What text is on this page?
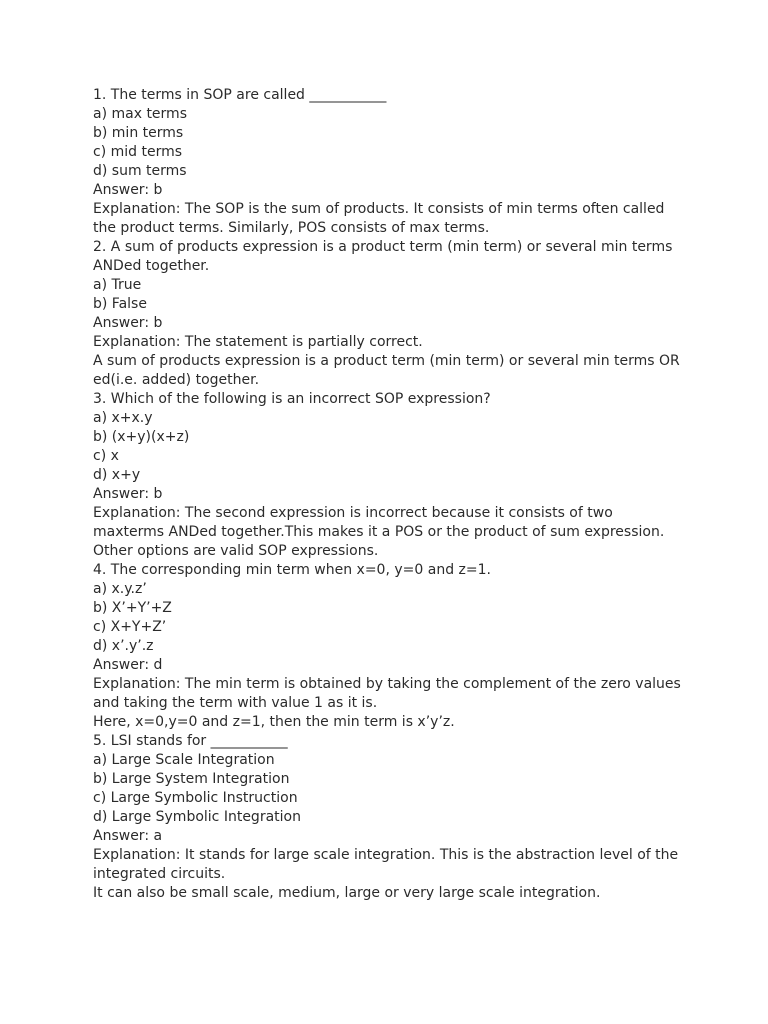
1. The terms in SOP are called ___________
a) max terms
b) min terms
c) mid terms
d) sum terms
Answer: b
Explanation: The SOP is the sum of products. It consists of min terms often called
the product terms. Similarly, POS consists of max terms.
2. A sum of products expression is a product term (min term) or several min terms
ANDed together.
a) True
b) False
Answer: b
Explanation: The statement is partially correct.
A sum of products expression is a product term (min term) or several min terms OR
ed(i.e. added) together.
3. Which of the following is an incorrect SOP expression?
a) x+x.y
b) (x+y)(x+z)
c) x
d) x+y
Answer: b
Explanation: The second expression is incorrect because it consists of two
maxterms ANDed together.This makes it a POS or the product of sum expression.
Other options are valid SOP expressions.
4. The corresponding min term when x=0, y=0 and z=1.
a) x.y.z’
b) X’+Y’+Z
c) X+Y+Z’
d) x’.y’.z
Answer: d
Explanation: The min term is obtained by taking the complement of the zero values
and taking the term with value 1 as it is.
Here, x=0,y=0 and z=1, then the min term is x’y’z.
5. LSI stands for ___________
a) Large Scale Integration
b) Large System Integration
c) Large Symbolic Instruction
d) Large Symbolic Integration
Answer: a
Explanation: It stands for large scale integration. This is the abstraction level of the
integrated circuits.
It can also be small scale, medium, large or very large scale integration.
